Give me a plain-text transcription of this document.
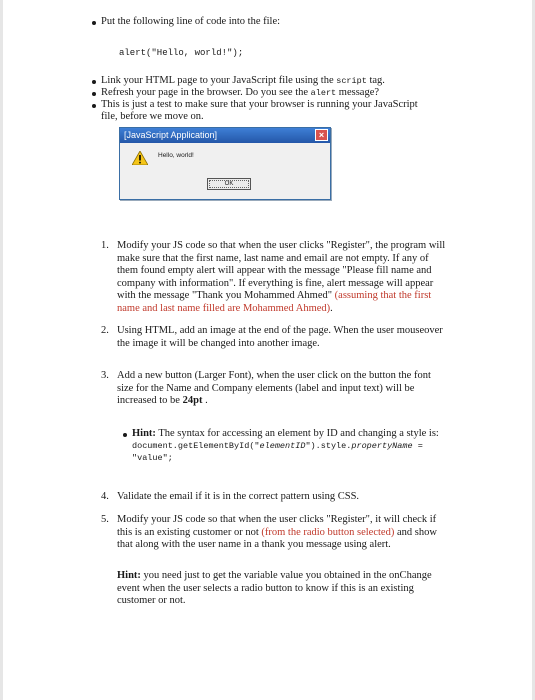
Put the following line of code into the file:
alert("Hello, world!");
Link your HTML page to your JavaScript file using the script tag.
Refresh your page in the browser. Do you see the alert message?
This is just a test to make sure that your browser is running your JavaScript
file, before we move on.
[JavaScript Application]	×
Hello, world!
OK
1. Modify your JS code so that when the user clicks "Register", the program will
make sure that the first name, last name and email are not empty. If any of
them found empty alert will appear with the message "Please fill name and
company with information". If everything is fine, alert message will appear
with the message "Thank you Mohammed Ahmed" (assuming that the first
name and last name filled are Mohammed Ahmed).
2. Using HTML, add an image at the end of the page. When the user mouseover
the image it will be changed into another image.
3. Add a new button (Larger Font), when the user click on the button the font
size for the Name and Company elements (label and input text) will be
increased to be 24pt .
Hint: The syntax for accessing an element by ID and changing a style is:
document.getElementById("elementID").style.propertyName =
"value";
4. Validate the email if it is in the correct pattern using CSS.
5. Modify your JS code so that when the user clicks "Register", it will check if
this is an existing customer or not (from the radio button selected) and show
that along with the user name in a thank you message using alert.
Hint: you need just to get the variable value you obtained in the onChange
event when the user selects a radio button to know if this is an existing
customer or not.
